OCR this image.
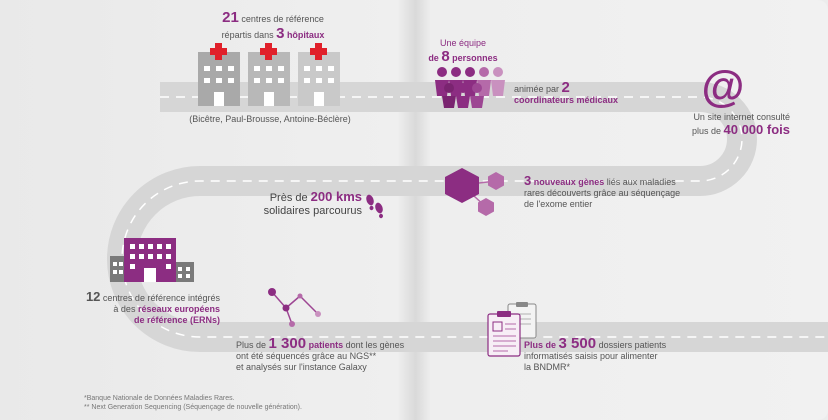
21 centres de référence
répartis dans 3 hôpitaux
(Bicêtre, Paul-Brousse, Antoine-Béclère)
Une équipe
de 8 personnes
animée par 2
coordinateurs médicaux	@
Un site internet consulté
plus de 40 000 fois
3 nouveaux gènes liés aux maladies
rares découverts grâce au séquençage
de l'exome entier
Près de 200 kms
solidaires parcourus
12 centres de référence intégrés
à des réseaux européens
de référence (ERNs)
Plus de 1 300 patients dont les gènes
ont été séquencés grâce au NGS**
et analysés sur l'instance Galaxy
Plus de 3 500 dossiers patients
informatisés saisis pour alimenter
la BNDMR*
*Banque Nationale de Données Maladies Rares.
** Next Generation Sequencing (Séquençage de nouvelle génération).
